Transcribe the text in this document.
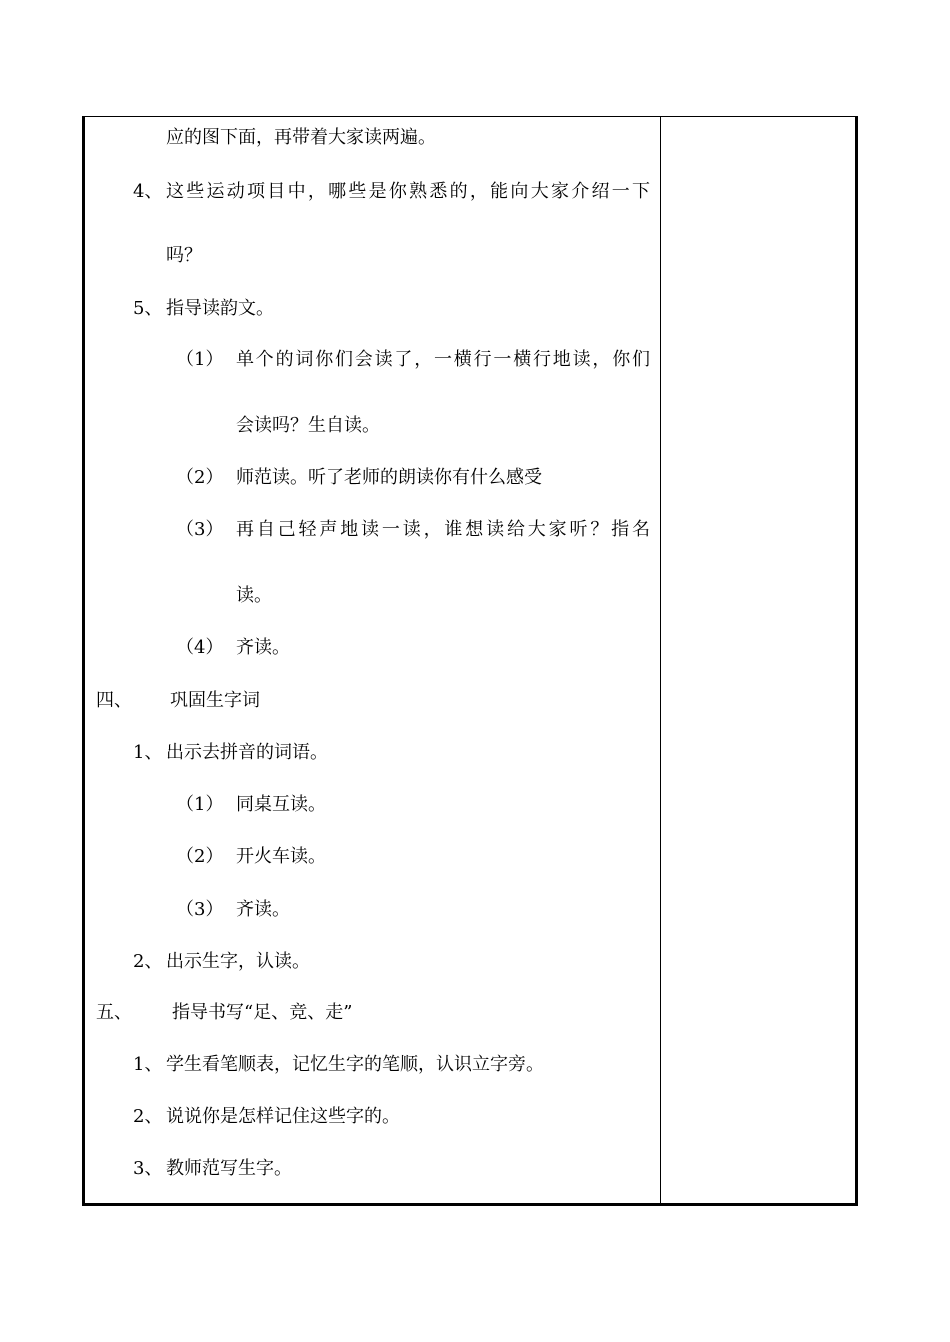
应的图下面，再带着大家读两遍。
4、 这些运动项目中，哪些是你熟悉的，能向大家介绍一下
吗？
5、 指导读韵文。
（1） 单个的词你们会读了，一横行一横行地读，你们
会读吗？生自读。
（2） 师范读。听了老师的朗读你有什么感受
（3） 再自己轻声地读一读，谁想读给大家听？指名
读。
（4） 齐读。
四、 巩固生字词
1、 出示去拼音的词语。
（1） 同桌互读。
（2） 开火车读。
（3） 齐读。
2、 出示生字，认读。
五、 指导书写“足、竞、走”
1、 学生看笔顺表，记忆生字的笔顺，认识立字旁。
2、 说说你是怎样记住这些字的。
3、 教师范写生字。
